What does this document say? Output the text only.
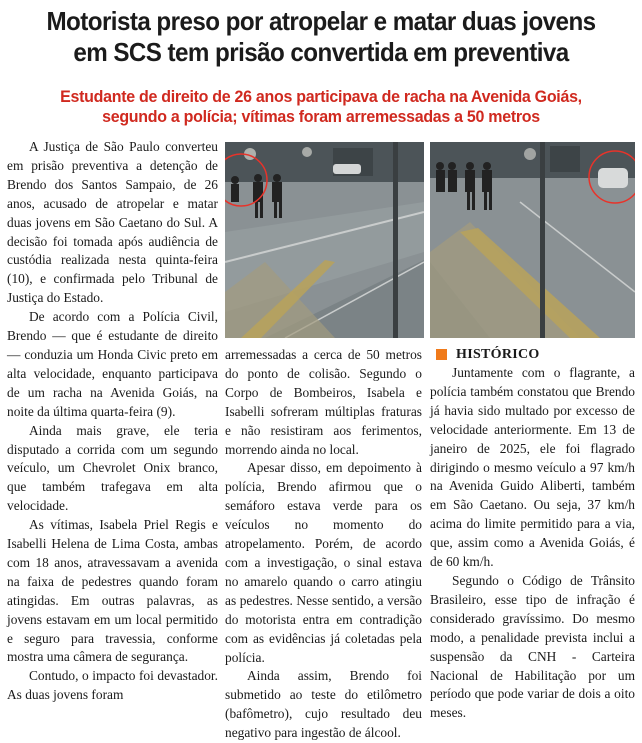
Motorista preso por atropelar e matar duas jovens em SCS tem prisão convertida em preventiva
Estudante de direito de 26 anos participava de racha na Avenida Goiás, segundo a polícia; vítimas foram arremessadas a 50 metros

A Justiça de São Paulo converteu em prisão preventiva a detenção de Brendo dos Santos Sampaio, de 26 anos, acusado de atropelar e matar duas jovens em São Caetano do Sul. A decisão foi tomada após audiência de custódia realizada nesta quinta-feira (10), e confirmada pelo Tribunal de Justiça do Estado.

De acordo com a Polícia Civil, Brendo — que é estudante de direito — conduzia um Honda Civic preto em alta velocidade, enquanto participava de um racha na Avenida Goiás, na noite da última quarta-feira (9).

Ainda mais grave, ele teria disputado a corrida com um segundo veículo, um Chevrolet Onix branco, que também trafegava em alta velocidade.

As vítimas, Isabela Priel Regis e Isabelli Helena de Lima Costa, ambas com 18 anos, atravessavam a avenida na faixa de pedestres quando foram atingidas. Em outras palavras, as jovens estavam em um local permitido e seguro para travessia, conforme mostra uma câmera de segurança.

Contudo, o impacto foi devastador. As duas jovens foram

arremessadas a cerca de 50 metros do ponto de colisão. Segundo o Corpo de Bombeiros, Isabela e Isabelli sofreram múltiplas fraturas e não resistiram aos ferimentos, morrendo ainda no local.

Apesar disso, em depoimento à polícia, Brendo afirmou que o semáforo estava verde para os veículos no momento do atropelamento. Porém, de acordo com a investigação, o sinal estava no amarelo quando o carro atingiu as pedestres. Nesse sentido, a versão do motorista entra em contradição com as evidências já coletadas pela polícia.

Ainda assim, Brendo foi submetido ao teste do etilômetro (bafômetro), cujo resultado deu negativo para ingestão de álcool.

HISTÓRICO

Juntamente com o flagrante, a polícia também constatou que Brendo já havia sido multado por excesso de velocidade anteriormente. Em 13 de janeiro de 2025, ele foi flagrado dirigindo o mesmo veículo a 97 km/h na Avenida Guido Aliberti, também em São Caetano. Ou seja, 37 km/h acima do limite permitido para a via, que, assim como a Avenida Goiás, é de 60 km/h.

Segundo o Código de Trânsito Brasileiro, esse tipo de infração é considerado gravíssimo. Do mesmo modo, a penalidade prevista inclui a suspensão da CNH - Carteira Nacional de Habilitação por um período que pode variar de dois a oito meses.
